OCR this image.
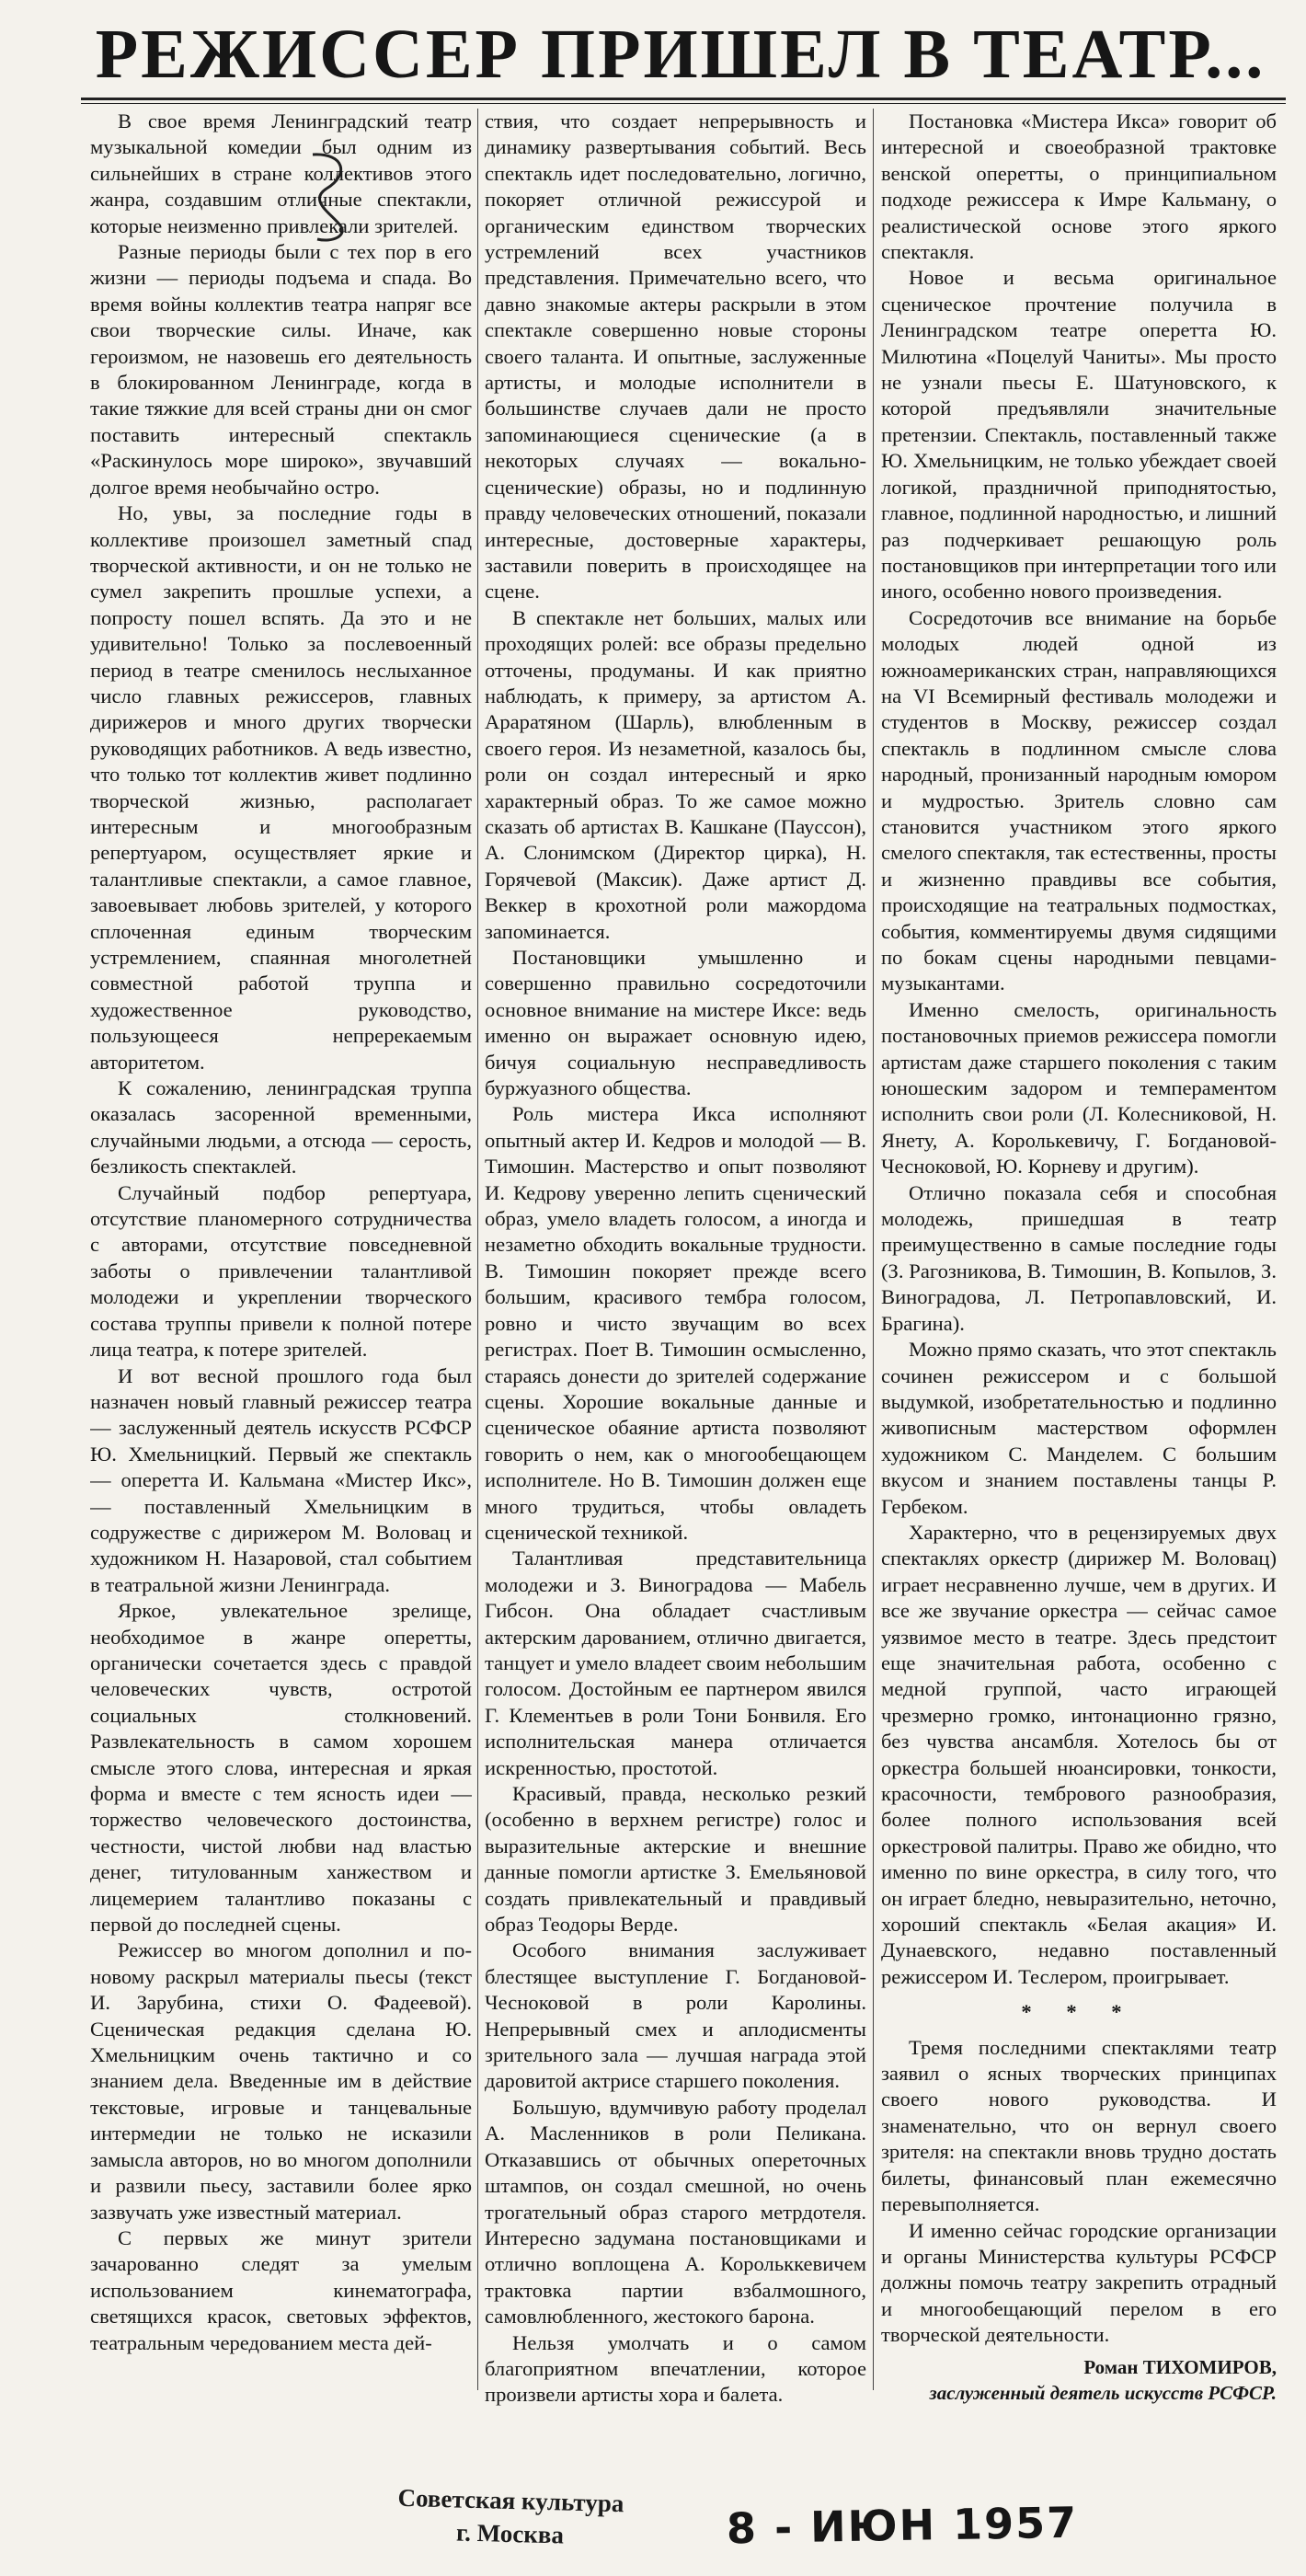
РЕЖИССЕР ПРИШЕЛ В ТЕАТР...

В свое время Ленинградский театр музыкальной комедии был одним из сильнейших в стране коллективов этого жанра, создавшим отличные спектакли, которые неизменно привлекали зрителей.

Разные периоды были с тех пор в его жизни — периоды подъема и спада. Во время войны коллектив театра напряг все свои творческие силы. Иначе, как героизмом, не назовешь его деятельность в блокированном Ленинграде, когда в такие тяжкие для всей страны дни он смог поставить интересный спектакль «Раскинулось море широко», звучавший долгое время необычайно остро.

Но, увы, за последние годы в коллективе произошел заметный спад творческой активности, и он не только не сумел закрепить прошлые успехи, а попросту пошел вспять. Да это и не удивительно! Только за послевоенный период в театре сменилось неслыханное число главных режиссеров, главных дирижеров и много других творчески руководящих работников. А ведь известно, что только тот коллектив живет подлинно творческой жизнью, располагает интересным и многообразным репертуаром, осуществляет яркие и талантливые спектакли, а самое главное, завоевывает любовь зрителей, у которого сплоченная единым творческим устремлением, спаянная многолетней совместной работой труппа и художественное руководство, пользующееся непререкаемым авторитетом.

К сожалению, ленинградская труппа оказалась засоренной временными, случайными людьми, а отсюда — серость, безликость спектаклей.

Случайный подбор репертуара, отсутствие планомерного сотрудничества с авторами, отсутствие повседневной заботы о привлечении талантливой молодежи и укреплении творческого состава труппы привели к полной потере лица театра, к потере зрителей.

И вот весной прошлого года был назначен новый главный режиссер театра — заслуженный деятель искусств РСФСР Ю. Хмельницкий. Первый же спектакль — оперетта И. Кальмана «Мистер Икс», — поставленный Хмельницким в содружестве с дирижером М. Воловац и художником Н. Назаровой, стал событием в театральной жизни Ленинграда.

Яркое, увлекательное зрелище, необходимое в жанре оперетты, органически сочетается здесь с правдой человеческих чувств, остротой социальных столкновений. Развлекательность в самом хорошем смысле этого слова, интересная и яркая форма и вместе с тем ясность идеи — торжество человеческого достоинства, честности, чистой любви над властью денег, титулованным ханжеством и лицемерием талантливо показаны с первой до последней сцены.

Режиссер во многом дополнил и по-новому раскрыл материалы пьесы (текст И. Зарубина, стихи О. Фадеевой). Сценическая редакция сделана Ю. Хмельницким очень тактично и со знанием дела. Введенные им в действие текстовые, игровые и танцевальные интермедии не только не исказили замысла авторов, но во многом дополнили и развили пьесу, заставили более ярко зазвучать уже известный материал.

С первых же минут зрители зачарованно следят за умелым использованием кинематографа, светящихся красок, световых эффектов, театральным чередованием места дей-

ствия, что создает непрерывность и динамику развертывания событий. Весь спектакль идет последовательно, логично, покоряет отличной режиссурой и органическим единством творческих устремлений всех участников представления. Примечательно всего, что давно знакомые актеры раскрыли в этом спектакле совершенно новые стороны своего таланта. И опытные, заслуженные артисты, и молодые исполнители в большинстве случаев дали не просто запоминающиеся сценические (а в некоторых случаях — вокально-сценические) образы, но и подлинную правду человеческих отношений, показали интересные, достоверные характеры, заставили поверить в происходящее на сцене.

В спектакле нет больших, малых или проходящих ролей: все образы предельно отточены, продуманы. И как приятно наблюдать, к примеру, за артистом А. Араратяном (Шарль), влюбленным в своего героя. Из незаметной, казалось бы, роли он создал интересный и ярко характерный образ. То же самое можно сказать об артистах В. Кашкане (Пауссон), А. Слонимском (Директор цирка), Н. Горячевой (Максик). Даже артист Д. Веккер в крохотной роли мажордома запоминается.

Постановщики умышленно и совершенно правильно сосредоточили основное внимание на мистере Иксе: ведь именно он выражает основную идею, бичуя социальную несправедливость буржуазного общества.

Роль мистера Икса исполняют опытный актер И. Кедров и молодой — В. Тимошин. Мастерство и опыт позволяют И. Кедрову уверенно лепить сценический образ, умело владеть голосом, а иногда и незаметно обходить вокальные трудности. В. Тимошин покоряет прежде всего большим, красивого тембра голосом, ровно и чисто звучащим во всех регистрах. Поет В. Тимошин осмысленно, стараясь донести до зрителей содержание сцены. Хорошие вокальные данные и сценическое обаяние артиста позволяют говорить о нем, как о многообещающем исполнителе. Но В. Тимошин должен еще много трудиться, чтобы овладеть сценической техникой.

Талантливая представительница молодежи и З. Виноградова — Мабель Гибсон. Она обладает счастливым актерским дарованием, отлично двигается, танцует и умело владеет своим небольшим голосом. Достойным ее партнером явился Г. Клементьев в роли Тони Бонвиля. Его исполнительская манера отличается искренностью, простотой.

Красивый, правда, несколько резкий (особенно в верхнем регистре) голос и выразительные актерские и внешние данные помогли артистке З. Емельяновой создать привлекательный и правдивый образ Теодоры Верде.

Особого внимания заслуживает блестящее выступление Г. Богдановой-Чесноковой в роли Каролины. Непрерывный смех и аплодисменты зрительного зала — лучшая награда этой даровитой актрисе старшего поколения.

Большую, вдумчивую работу проделал А. Масленников в роли Пеликана. Отказавшись от обычных опереточных штампов, он создал смешной, но очень трогательный образ старого метрдотеля. Интересно задумана постановщиками и отлично воплощена А. Корольккевичем трактовка партии взбалмошного, самовлюбленного, жестокого барона.

Нельзя умолчать и о самом благоприятном впечатлении, которое произвели артисты хора и балета.

Постановка «Мистера Икса» говорит об интересной и своеобразной трактовке венской оперетты, о принципиальном подходе режиссера к Имре Кальману, о реалистической основе этого яркого спектакля.

Новое и весьма оригинальное сценическое прочтение получила в Ленинградском театре оперетта Ю. Милютина «Поцелуй Чаниты». Мы просто не узнали пьесы Е. Шатуновского, к которой предъявляли значительные претензии. Спектакль, поставленный также Ю. Хмельницким, не только убеждает своей логикой, праздничной приподнятостью, главное, подлинной народностью, и лишний раз подчеркивает решающую роль постановщиков при интерпретации того или иного, особенно нового произведения.

Сосредоточив все внимание на борьбе молодых людей одной из южноамериканских стран, направляющихся на VI Всемирный фестиваль молодежи и студентов в Москву, режиссер создал спектакль в подлинном смысле слова народный, пронизанный народным юмором и мудростью. Зритель словно сам становится участником этого яркого смелого спектакля, так естественны, просты и жизненно правдивы все события, происходящие на театральных подмостках, события, комментируемы двумя сидящими по бокам сцены народными певцами-музыкантами.

Именно смелость, оригинальность постановочных приемов режиссера помогли артистам даже старшего поколения с таким юношеским задором и темпераментом исполнить свои роли (Л. Колесниковой, Н. Янету, А. Королькевичу, Г. Богдановой-Чесноковой, Ю. Корневу и другим).

Отлично показала себя и способная молодежь, пришедшая в театр преимущественно в самые последние годы (З. Рагозникова, В. Тимошин, В. Копылов, З. Виноградова, Л. Петропавловский, И. Брагина).

Можно прямо сказать, что этот спектакль сочинен режиссером и с большой выдумкой, изобретательностью и подлинно живописным мастерством оформлен художником С. Манделем. С большим вкусом и знанием поставлены танцы Р. Гербеком.

Характерно, что в рецензируемых двух спектаклях оркестр (дирижер М. Воловац) играет несравненно лучше, чем в других. И все же звучание оркестра — сейчас самое уязвимое место в театре. Здесь предстоит еще значительная работа, особенно с медной группой, часто играющей чрезмерно громко, интонационно грязно, без чувства ансамбля. Хотелось бы от оркестра большей нюансировки, тонкости, красочности, тембрового разнообразия, более полного использования всей оркестровой палитры. Право же обидно, что именно по вине оркестра, в силу того, что он играет бледно, невыразительно, неточно, хороший спектакль «Белая акация» И. Дунаевского, недавно поставленный режиссером И. Теслером, проигрывает.

* * *

Тремя последними спектаклями театр заявил о ясных творческих принципах своего нового руководства. И знаменательно, что он вернул своего зрителя: на спектакли вновь трудно достать билеты, финансовый план ежемесячно перевыполняется.

И именно сейчас городские организации и органы Министерства культуры РСФСР должны помочь театру закрепить отрадный и многообещающий перелом в его творческой деятельности.

Роман ТИХОМИРОВ,
заслуженный деятель искусств РСФСР.
Советская культура
г. Москва	8 - ИЮН 1957
